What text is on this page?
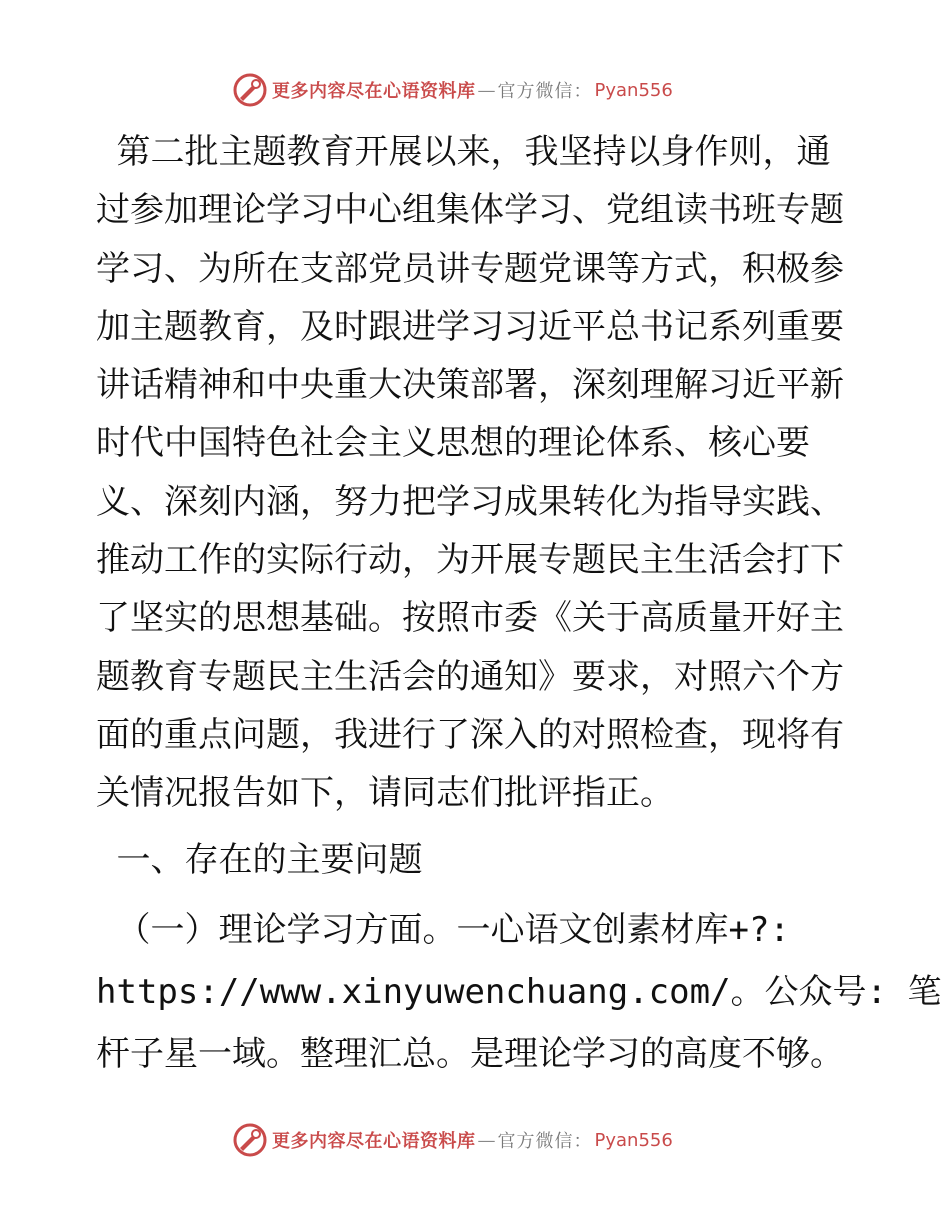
更多内容尽在心语资料库 — 官方微信： Pyan556
第二批主题教育开展以来，我坚持以身作则，通
过参加理论学习中心组集体学习、党组读书班专题
学习、为所在支部党员讲专题党课等方式，积极参
加主题教育，及时跟进学习习近平总书记系列重要
讲话精神和中央重大决策部署，深刻理解习近平新
时代中国特色社会主义思想的理论体系、核心要
义、深刻内涵，努力把学习成果转化为指导实践、
推动工作的实际行动，为开展专题民主生活会打下
了坚实的思想基础。按照市委《关于高质量开好主
题教育专题民主生活会的通知》要求，对照六个方
面的重点问题，我进行了深入的对照检查，现将有
关情况报告如下，请同志们批评指正。
一、存在的主要问题
（一）理论学习方面。一心语文创素材库+?:
https://www.xinyuwenchuang.com/。公众号: 笔
杆子星一域。整理汇总。是理论学习的高度不够。
更多内容尽在心语资料库 — 官方微信： Pyan556
